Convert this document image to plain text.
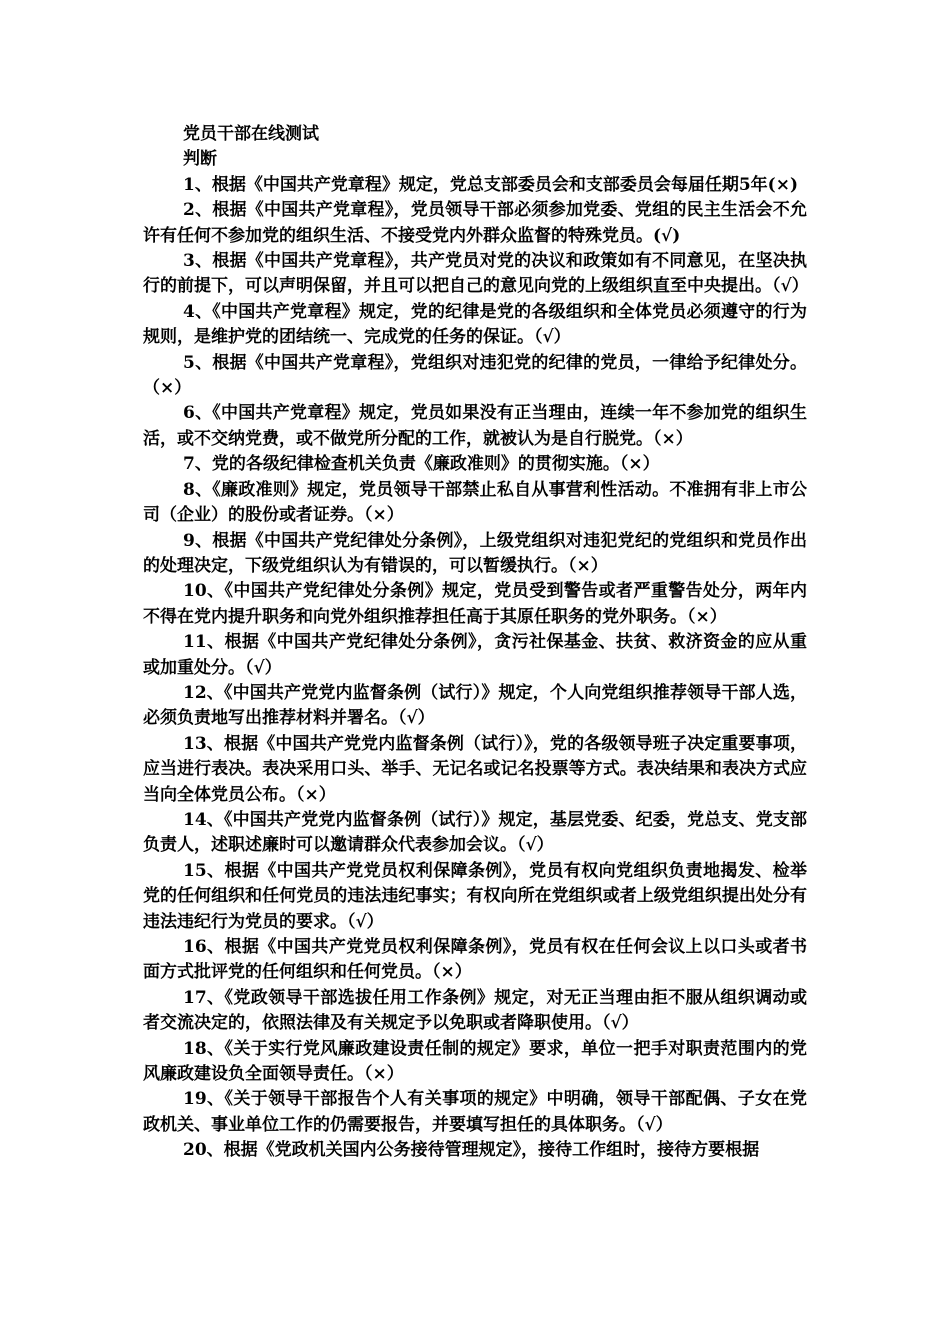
党员干部在线测试

判断

1、根据《中国共产党章程》规定，党总支部委员会和支部委员会每届任期5年(×)

2、根据《中国共产党章程》，党员领导干部必须参加党委、党组的民主生活会不允许有任何不参加党的组织生活、不接受党内外群众监督的特殊党员。(√)

3、根据《中国共产党章程》，共产党员对党的决议和政策如有不同意见，在坚决执行的前提下，可以声明保留，并且可以把自己的意见向党的上级组织直至中央提出。（√）

4、《中国共产党章程》规定，党的纪律是党的各级组织和全体党员必须遵守的行为规则，是维护党的团结统一、完成党的任务的保证。（√）

5、根据《中国共产党章程》，党组织对违犯党的纪律的党员，一律给予纪律处分。（×）

6、《中国共产党章程》规定，党员如果没有正当理由，连续一年不参加党的组织生活，或不交纳党费，或不做党所分配的工作，就被认为是自行脱党。（×）

7、党的各级纪律检查机关负责《廉政准则》的贯彻实施。（×）

8、《廉政准则》规定，党员领导干部禁止私自从事营利性活动。不准拥有非上市公司（企业）的股份或者证券。（×）

9、根据《中国共产党纪律处分条例》，上级党组织对违犯党纪的党组织和党员作出的处理决定，下级党组织认为有错误的，可以暂缓执行。（×）

10、《中国共产党纪律处分条例》规定，党员受到警告或者严重警告处分，两年内不得在党内提升职务和向党外组织推荐担任高于其原任职务的党外职务。（×）

11、根据《中国共产党纪律处分条例》，贪污社保基金、扶贫、救济资金的应从重或加重处分。（√）

12、《中国共产党党内监督条例（试行）》规定，个人向党组织推荐领导干部人选，必须负责地写出推荐材料并署名。（√）

13、根据《中国共产党党内监督条例（试行）》，党的各级领导班子决定重要事项，应当进行表决。表决采用口头、举手、无记名或记名投票等方式。表决结果和表决方式应当向全体党员公布。（×）

14、《中国共产党党内监督条例（试行）》规定，基层党委、纪委，党总支、党支部负责人，述职述廉时可以邀请群众代表参加会议。（√）

15、根据《中国共产党党员权利保障条例》，党员有权向党组织负责地揭发、检举党的任何组织和任何党员的违法违纪事实；有权向所在党组织或者上级党组织提出处分有违法违纪行为党员的要求。（√）

16、根据《中国共产党党员权利保障条例》，党员有权在任何会议上以口头或者书面方式批评党的任何组织和任何党员。（×）

17、《党政领导干部选拔任用工作条例》规定，对无正当理由拒不服从组织调动或者交流决定的，依照法律及有关规定予以免职或者降职使用。（√）

18、《关于实行党风廉政建设责任制的规定》要求，单位一把手对职责范围内的党风廉政建设负全面领导责任。（×）

19、《关于领导干部报告个人有关事项的规定》中明确，领导干部配偶、子女在党政机关、事业单位工作的仍需要报告，并要填写担任的具体职务。（√）

20、根据《党政机关国内公务接待管理规定》，接待工作组时，接待方要根据
